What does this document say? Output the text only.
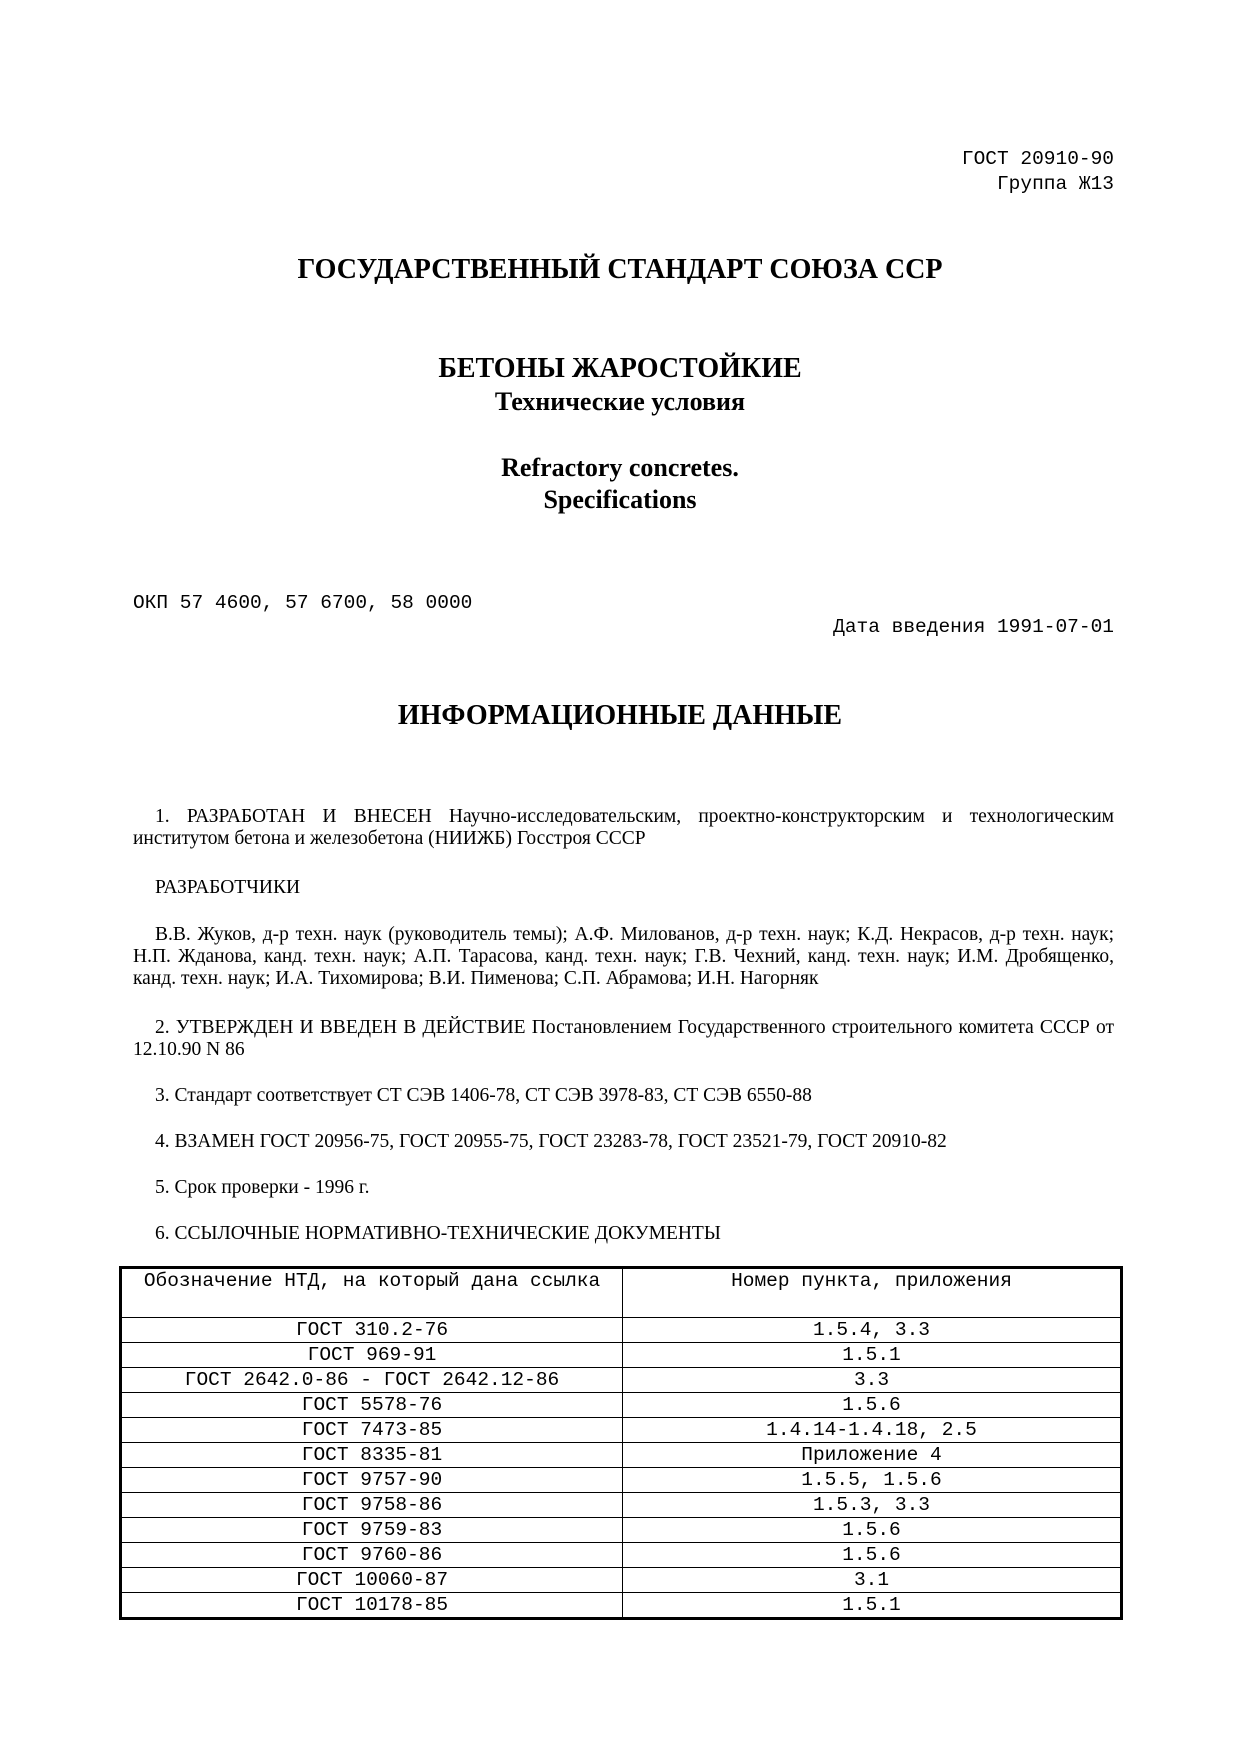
ГОСТ 20910-90
Группа Ж13
ГОСУДАРСТВЕННЫЙ СТАНДАРТ СОЮЗА ССР
БЕТОНЫ ЖАРОСТОЙКИЕ
Технические условия
Refractory concretes.
Specifications
ОКП 57 4600, 57 6700, 58 0000
Дата введения 1991-07-01
ИНФОРМАЦИОННЫЕ ДАННЫЕ

1. РАЗРАБОТАН И ВНЕСЕН Научно-исследовательским, проектно-конструкторским и технологическим институтом бетона и железобетона (НИИЖБ) Госстроя СССР

РАЗРАБОТЧИКИ

В.В. Жуков, д-р техн. наук (руководитель темы); А.Ф. Милованов, д-р техн. наук; К.Д. Некрасов, д-р техн. наук; Н.П. Жданова, канд. техн. наук; А.П. Тарасова, канд. техн. наук; Г.В. Чехний, канд. техн. наук; И.М. Дробященко, канд. техн. наук; И.А. Тихомирова; В.И. Пименова; С.П. Абрамова; И.Н. Нагорняк

2. УТВЕРЖДЕН И ВВЕДЕН В ДЕЙСТВИЕ Постановлением Государственного строительного комитета СССР от 12.10.90 N 86

3. Стандарт соответствует СТ СЭВ 1406-78, СТ СЭВ 3978-83, СТ СЭВ 6550-88

4. ВЗАМЕН ГОСТ 20956-75, ГОСТ 20955-75, ГОСТ 23283-78, ГОСТ 23521-79, ГОСТ 20910-82

5. Срок проверки - 1996 г.

6. ССЫЛОЧНЫЕ НОРМАТИВНО-ТЕХНИЧЕСКИЕ ДОКУМЕНТЫ

Обозначение НТД, на который дана ссылка	Номер пункта, приложения
ГОСТ 310.2-76	1.5.4, 3.3
ГОСТ 969-91	1.5.1
ГОСТ 2642.0-86 - ГОСТ 2642.12-86	3.3
ГОСТ 5578-76	1.5.6
ГОСТ 7473-85	1.4.14-1.4.18, 2.5
ГОСТ 8335-81	Приложение 4
ГОСТ 9757-90	1.5.5, 1.5.6
ГОСТ 9758-86	1.5.3, 3.3
ГОСТ 9759-83	1.5.6
ГОСТ 9760-86	1.5.6
ГОСТ 10060-87	3.1
ГОСТ 10178-85	1.5.1
